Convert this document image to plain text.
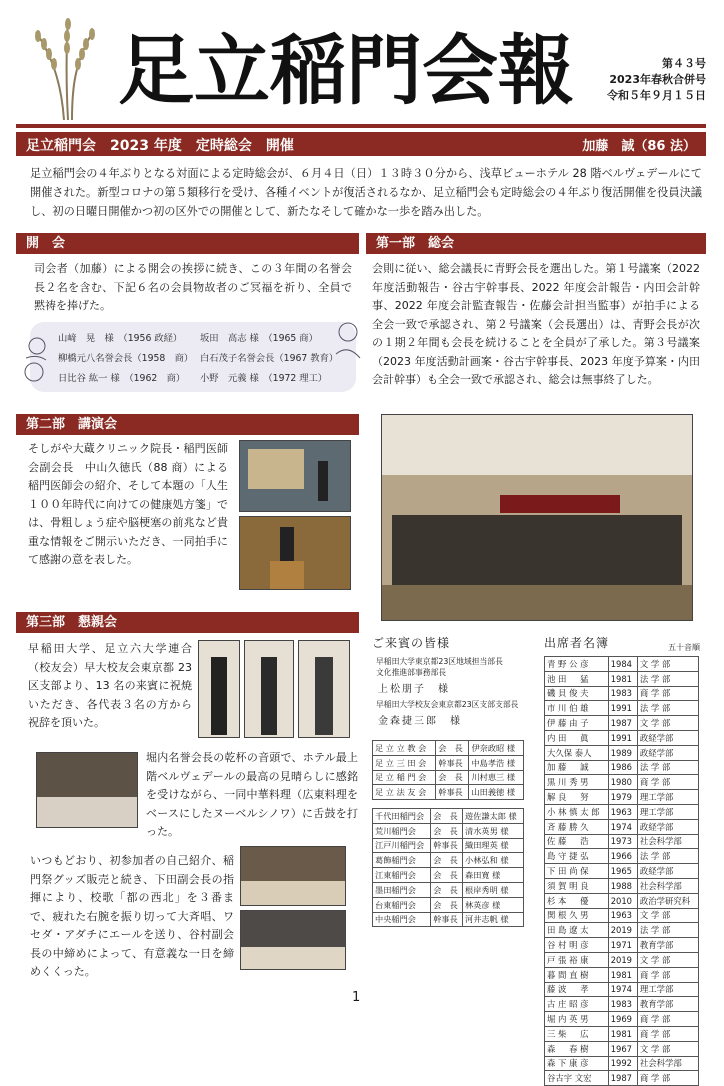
足立稲門会報	第４３号
2023年春秋合併号
令和５年９月１５日
足立稲門会　2023 年度　定時総会　開催	加藤　誠（86 法）
足立稲門会の４年ぶりとなる対面による定時総会が、６月４日（日）１３時３０分から、浅草ビューホテル 28 階ベルヴェデールにて開催された。新型コロナの第５類移行を受け、各種イベントが復活されるなか、足立稲門会も定時総会の４年ぶり復活開催を役員決議し、初の日曜日開催かつ初の区外での開催として、新たなそして確かな一歩を踏み出した。
開　会
司会者（加藤）による開会の挨拶に続き、この３年間の名誉会長２名を含む、下記６名の会員物故者のご冥福を祈り、全員で黙祷を捧げた。
山﨑　晃　様　（1956 政経） 坂田　高志 様　（1965 商）
柳橋元八名誉会長（1958　商） 白石茂子名誉会長（1967 教育）
日比谷 紘一 様　（1962　商） 小野　元義 様　（1972 理工）
第一部　総会
会則に従い、総会議長に青野会長を選出した。第１号議案（2022 年度活動報告・谷古宇幹事長、2022 年度会計報告・内田会計幹事、2022 年度会計監査報告・佐藤会計担当監事）が拍手による全会一致で承認され、第２号議案（会長選出）は、青野会長が次の１期２年間も会長を続けることを全員が了承した。第３号議案（2023 年度活動計画案・谷古宇幹事長、2023 年度予算案・内田会計幹事）も全会一致で承認され、総会は無事終了した。
第二部　講演会
そしがや大蔵クリニック院長・稲門医師会副会長　中山久徳氏（88 商）による稲門医師会の紹介、そして本題の「人生１００年時代に向けての健康処方箋」では、骨粗しょう症や脳梗塞の前兆など貴重な情報をご開示いただき、一同拍手にて感謝の意を表した。
第三部　懇親会
早稲田大学、足立六大学連合（校友会）早大校友会東京都 23 区支部より、13 名の来賓に祝焼いただき、各代表３名の方から祝辞を頂いた。
堀内名誉会長の乾杯の音頭で、ホテル最上階ベルヴェデールの最高の見晴らしに感銘を受けながら、一同中華料理（広東料理をベースにしたヌーベルシノワ）に舌鼓を打った。
いつもどおり、初参加者の自己紹介、稲門祭グッズ販売と続き、下田副会長の指揮により、校歌「都の西北」を３番まで、疲れた右腕を振り切って大斉唱、ワセダ・アダチにエールを送り、谷村副会長の中締めによって、有意義な一日を締めくくった。
ご来賓の皆様
早稲田大学東京都23区地域担当部長
文化推進部事務部長
上松朋子　様
早稲田大学校友会東京都23区支部支部長
金森捷三郎　様
足 立 立 教 会	会　長	伊奈政昭 様
足 立 三 田 会	幹事長	中島孝浩 様
足 立 稲 門 会	会　長	川村恵三 様
足 立 法 友 会	幹事長	山田義徳 様
千代田稲門会	会　長	遊佐謙太郎 様
荒川稲門会	会　長	清水英男 様
江戸川稲門会	幹事長	織田理英 様
葛飾稲門会	会　長	小林弘和 様
江東稲門会	会　長	森田寛 様
墨田稲門会	会　長	根岸秀明 様
台東稲門会	会　長	林英彦 様
中央稲門会	幹事長	河井志帆 様
出席者名簿	五十音順
青 野 公 彦	1984	文 学 部
池 田 　 猛	1981	法 学 部
磯 貝 俊 夫	1983	商 学 部
市 川 伯 雄	1991	法 学 部
伊 藤 由 子	1987	文 学 部
内 田 　 眞	1991	政経学部
大久保 泰人	1989	政経学部
加 藤 　 誠	1986	法 学 部
黒 川 秀 男	1980	商 学 部
解 良 　 努	1979	理工学部
小 林 慎 太 郎	1963	理工学部
斉 藤 勝 久	1974	政経学部
佐 藤 　 浩	1973	社会科学部
島 守 捷 弘	1966	法 学 部
下 田 尚 保	1965	政経学部
須 賀 明 良	1988	社会科学部
杉 本 　 優	2010	政治学研究科
関 根 久 男	1963	文 学 部
田 島 遼 太	2019	法 学 部
谷 村 明 彦	1971	教育学部
戸 張 裕 康	2019	文 学 部
暮 間 直 樹	1981	商 学 部
藤 波 　 孝	1974	理工学部
古 庄 昭 彦	1983	教育学部
堀 内 英 男	1969	商 学 部
三 柴 　 広	1981	商 学 部
森 　 春 樹	1967	文 学 部
森 下 康 彦	1992	社会科学部
谷古宇 文宏	1987	商 学 部
1
